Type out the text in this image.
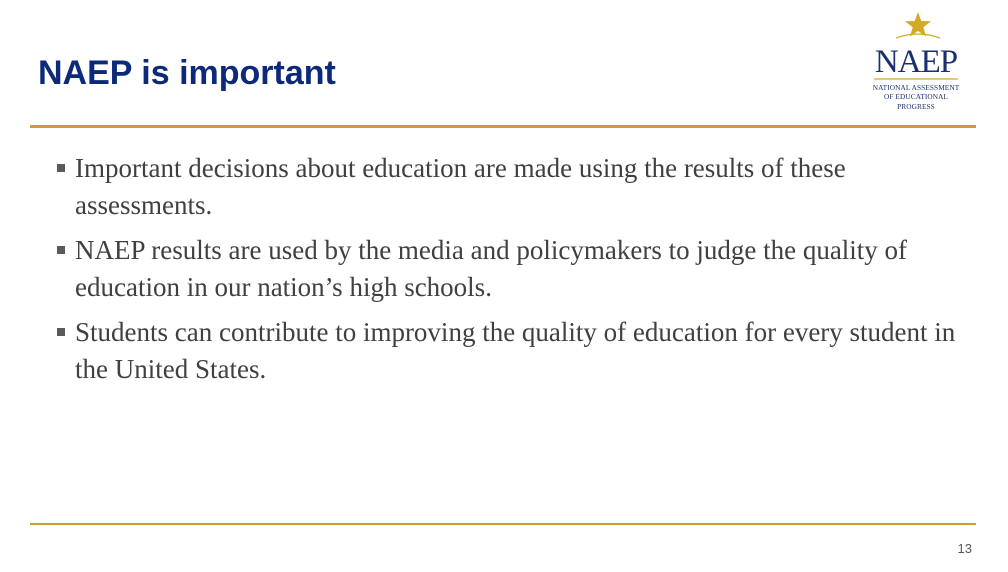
NAEP is important	NAEP
NATIONAL ASSESSMENT
OF EDUCATIONAL
PROGRESS
Important decisions about education are made using the results of these assessments.
NAEP results are used by the media and policymakers to judge the quality of education in our nation’s high schools.
Students can contribute to improving the quality of education for every student in the United States.
13
